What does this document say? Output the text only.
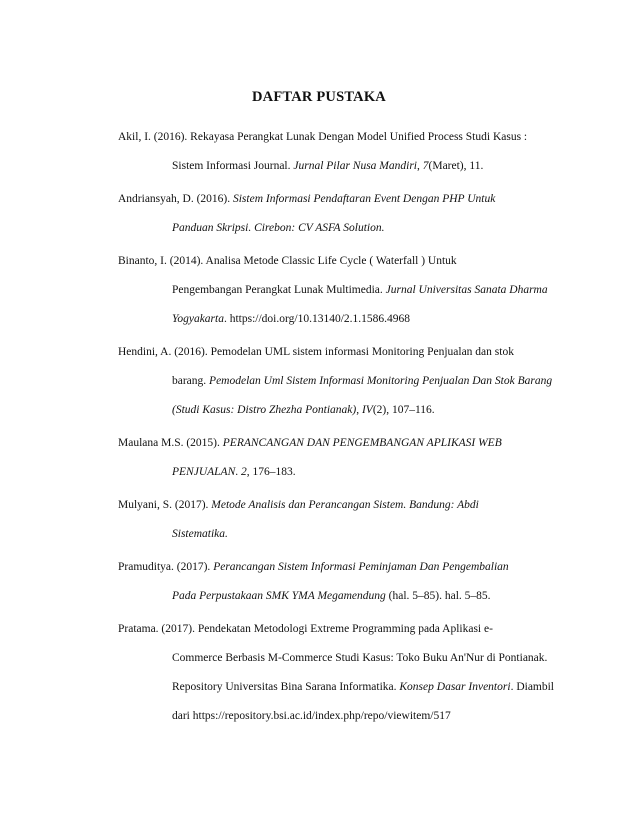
DAFTAR PUSTAKA
Akil, I. (2016). Rekayasa Perangkat Lunak Dengan Model Unified Process Studi Kasus :
Sistem Informasi Journal. Jurnal Pilar Nusa Mandiri, 7(Maret), 11.
Andriansyah, D. (2016). Sistem Informasi Pendaftaran Event Dengan PHP Untuk
Panduan Skripsi. Cirebon: CV ASFA Solution.
Binanto, I. (2014). Analisa Metode Classic Life Cycle ( Waterfall ) Untuk
Pengembangan Perangkat Lunak Multimedia. Jurnal Universitas Sanata Dharma
Yogyakarta. https://doi.org/10.13140/2.1.1586.4968
Hendini, A. (2016). Pemodelan UML sistem informasi Monitoring Penjualan dan stok
barang. Pemodelan Uml Sistem Informasi Monitoring Penjualan Dan Stok Barang
(Studi Kasus: Distro Zhezha Pontianak), IV(2), 107–116.
Maulana M.S. (2015). PERANCANGAN DAN PENGEMBANGAN APLIKASI WEB
PENJUALAN. 2, 176–183.
Mulyani, S. (2017). Metode Analisis dan Perancangan Sistem. Bandung: Abdi
Sistematika.
Pramuditya. (2017). Perancangan Sistem Informasi Peminjaman Dan Pengembalian
Pada Perpustakaan SMK YMA Megamendung (hal. 5–85). hal. 5–85.
Pratama. (2017). Pendekatan Metodologi Extreme Programming pada Aplikasi e-
Commerce Berbasis M-Commerce Studi Kasus: Toko Buku An'Nur di Pontianak.
Repository Universitas Bina Sarana Informatika. Konsep Dasar Inventori. Diambil
dari https://repository.bsi.ac.id/index.php/repo/viewitem/517
